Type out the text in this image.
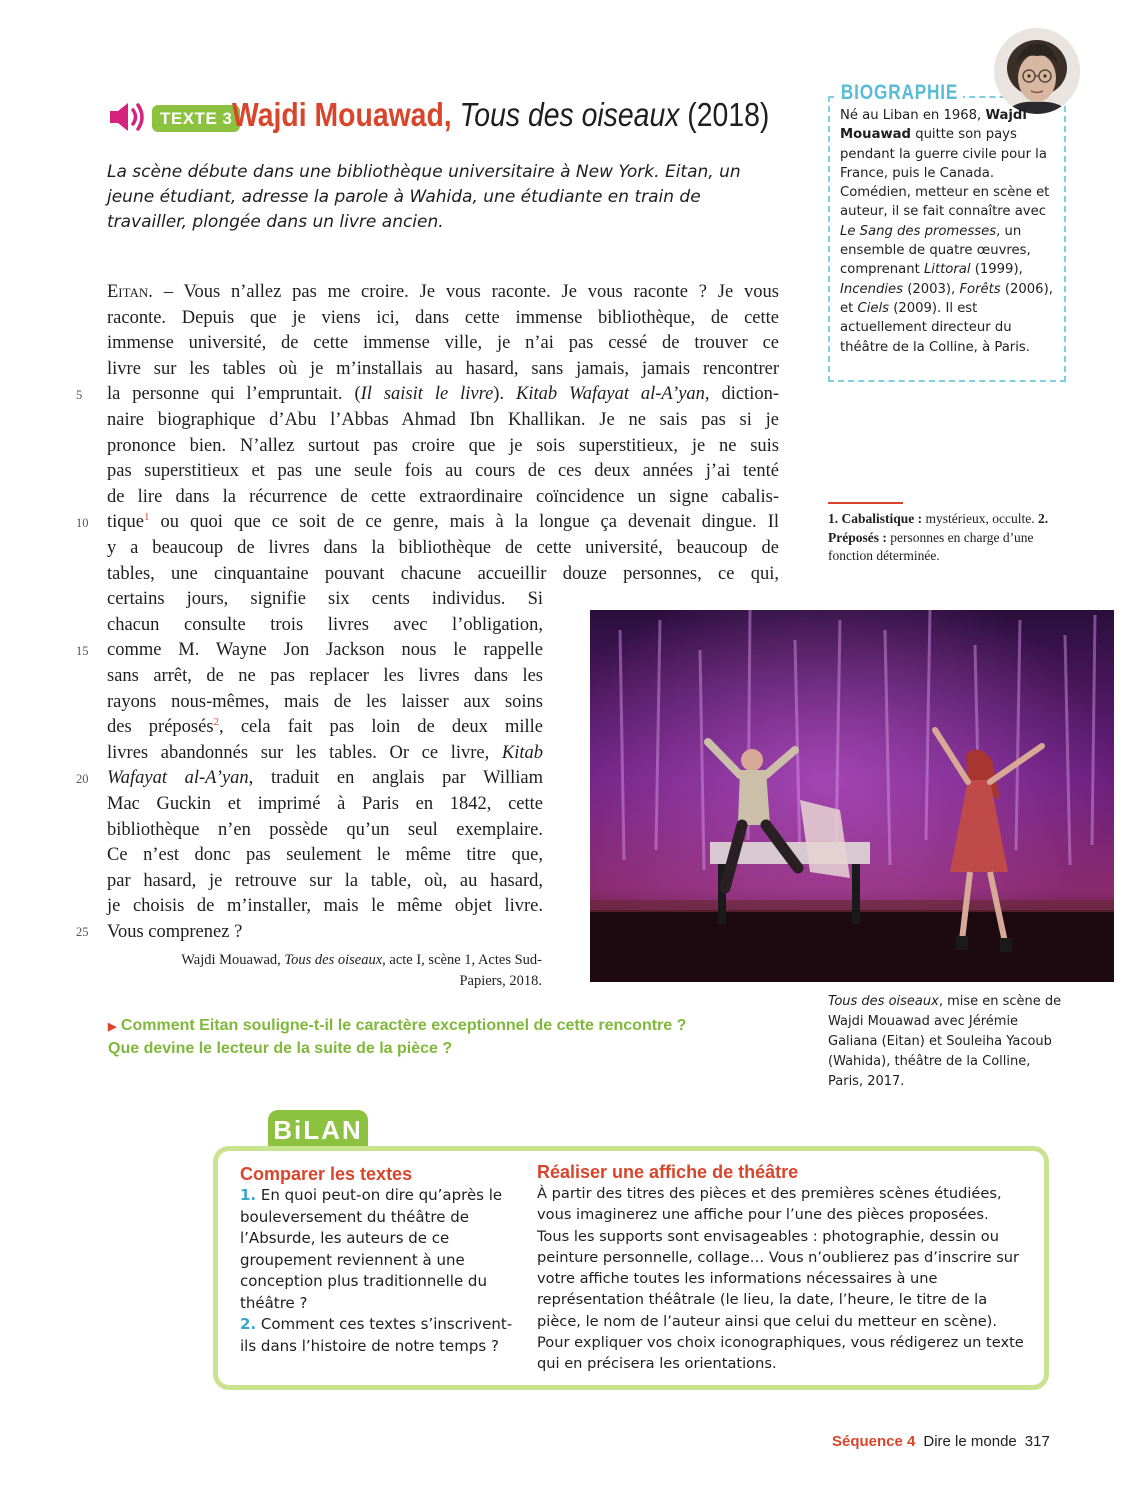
TEXTE 3 Wajdi Mouawad, Tous des oiseaux (2018)
La scène débute dans une bibliothèque universitaire à New York. Eitan, un jeune étudiant, adresse la parole à Wahida, une étudiante en train de travailler, plongée dans un livre ancien.
Eitan. – Vous n’allez pas me croire. Je vous raconte. Je vous raconte ? Je vous
raconte. Depuis que je viens ici, dans cette immense bibliothèque, de cette
immense université, de cette immense ville, je n’ai pas cessé de trouver ce
livre sur les tables où je m’installais au hasard, sans jamais, jamais rencontrer
la personne qui l’empruntait. (Il saisit le livre). Kitab Wafayat al-A’yan, diction-
naire biographique d’Abu l’Abbas Ahmad Ibn Khallikan. Je ne sais pas si je
prononce bien. N’allez surtout pas croire que je sois superstitieux, je ne suis
pas superstitieux et pas une seule fois au cours de ces deux années j’ai tenté
de lire dans la récurrence de cette extraordinaire coïncidence un signe cabalis-
tique$^1$ ou quoi que ce soit de ce genre, mais à la longue ça devenait dingue. Il
y a beaucoup de livres dans la bibliothèque de cette université, beaucoup de
tables, une cinquantaine pouvant chacune accueillir douze personnes, ce qui,
certains jours, signifie six cents individus. Si
chacun consulte trois livres avec l’obligation,
comme M. Wayne Jon Jackson nous le rappelle
sans arrêt, de ne pas replacer les livres dans les
rayons nous-mêmes, mais de les laisser aux soins
des préposés$^2$, cela fait pas loin de deux mille
livres abandonnés sur les tables. Or ce livre, Kitab
Wafayat al-A’yan, traduit en anglais par William
Mac Guckin et imprimé à Paris en 1842, cette
bibliothèque n’en possède qu’un seul exemplaire.
Ce n’est donc pas seulement le même titre que,
par hasard, je retrouve sur la table, où, au hasard,
je choisis de m’installer, mais le même objet livre.
Vous comprenez ?
5
10
15
20
25
Wajdi Mouawad, Tous des oiseaux, acte I, scène 1, Actes Sud-Papiers, 2018.
▶ Comment Eitan souligne-t-il le caractère exceptionnel de cette rencontre ?
Que devine le lecteur de la suite de la pièce ?
BIOGRAPHIE
Né au Liban en 1968, Wajdi Mouawad quitte son pays pendant la guerre civile pour la France, puis le Canada. Comédien, metteur en scène et auteur, il se fait connaître avec Le Sang des promesses, un ensemble de quatre œuvres, comprenant Littoral (1999), Incendies (2003), Forêts (2006), et Ciels (2009). Il est actuellement directeur du théâtre de la Colline, à Paris.
1. Cabalistique : mystérieux, occulte. 2. Préposés : personnes en charge d’une fonction déterminée.
Tous des oiseaux, mise en scène de Wajdi Mouawad avec Jérémie Galiana (Eitan) et Souleiha Yacoub (Wahida), théâtre de la Colline, Paris, 2017.
BiLAN
Comparer les textes
1. En quoi peut-on dire qu’après le bouleversement du théâtre de l’Absurde, les auteurs de ce groupement reviennent à une conception plus traditionnelle du théâtre ?
2. Comment ces textes s’inscrivent-ils dans l’histoire de notre temps ?
Réaliser une affiche de théâtre
À partir des titres des pièces et des premières scènes étudiées, vous imaginerez une affiche pour l’une des pièces proposées.
Tous les supports sont envisageables : photographie, dessin ou peinture personnelle, collage… Vous n’oublierez pas d’inscrire sur votre affiche toutes les informations nécessaires à une représentation théâtrale (le lieu, la date, l’heure, le titre de la pièce, le nom de l’auteur ainsi que celui du metteur en scène).
Pour expliquer vos choix iconographiques, vous rédigerez un texte qui en précisera les orientations.
Séquence 4 Dire le monde 317
